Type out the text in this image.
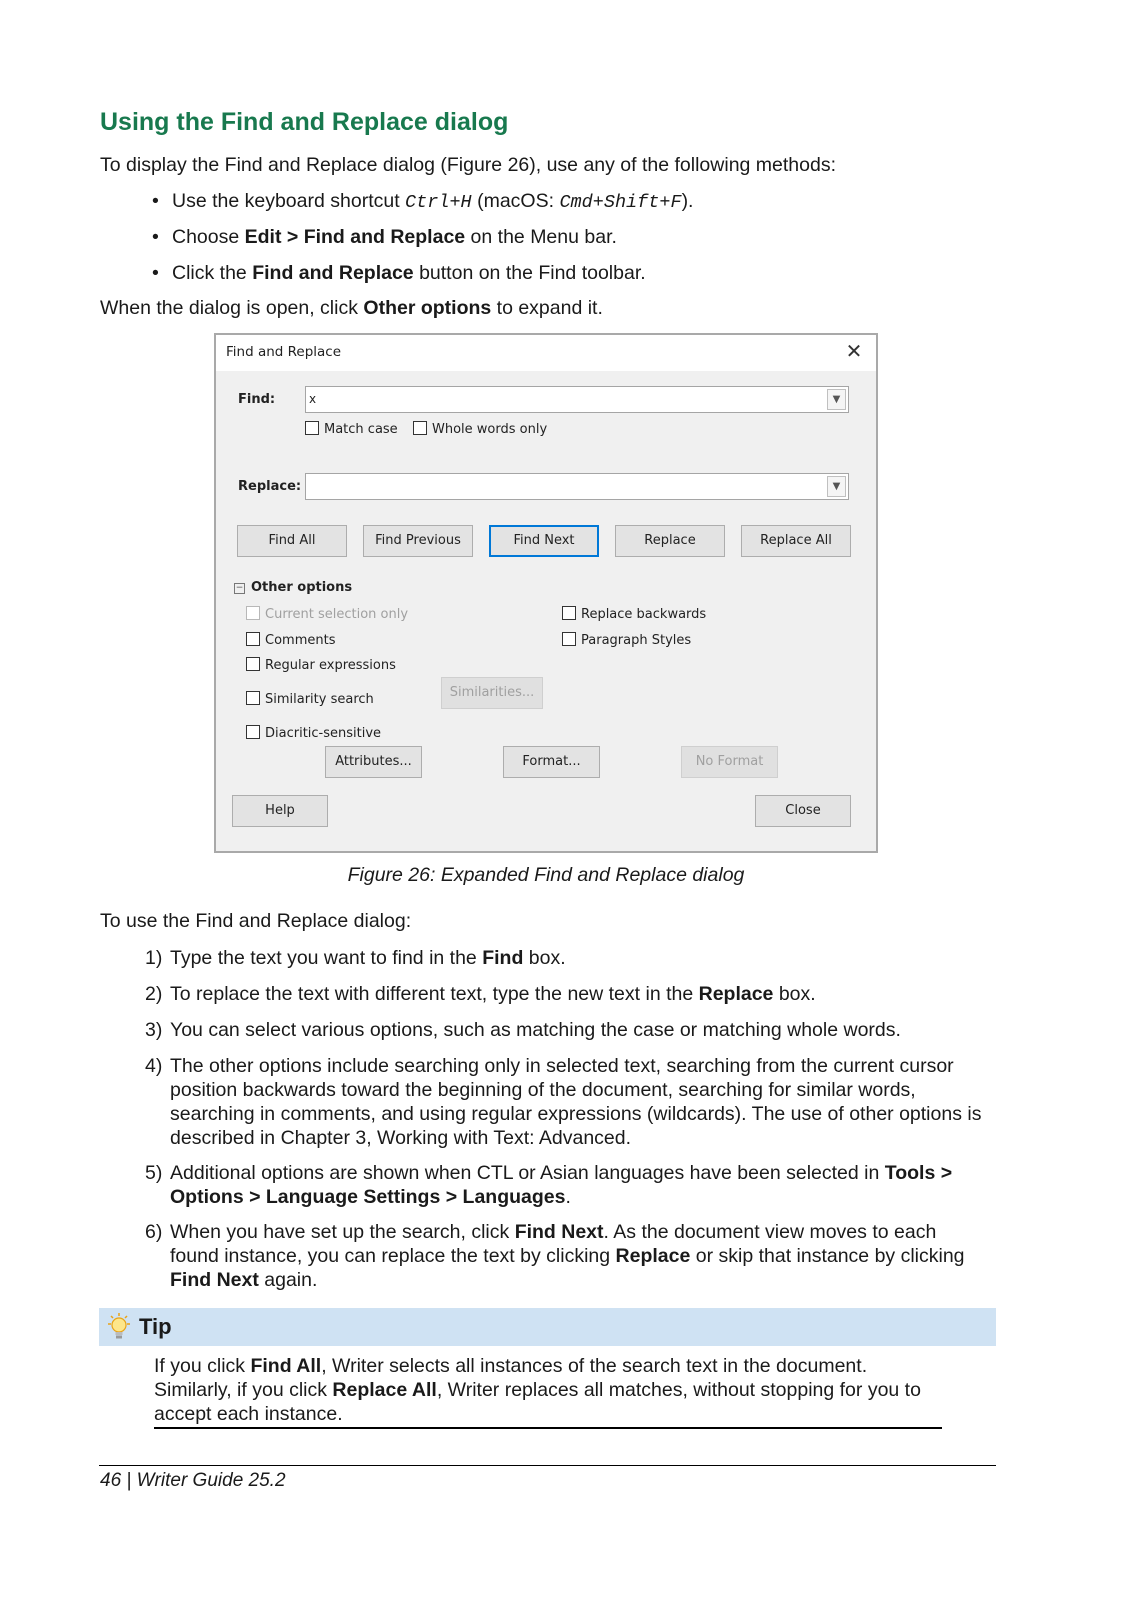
Using the Find and Replace dialog
To display the Find and Replace dialog (Figure 26), use any of the following methods:
• Use the keyboard shortcut Ctrl+H (macOS: Cmd+Shift+F).
• Choose Edit > Find and Replace on the Menu bar.
• Click the Find and Replace button on the Find toolbar.
When the dialog is open, click Other options to expand it.
Find and Replace	✕
Find:	x	▼
Match case	Whole words only
Replace:	▼
Find All	Find Previous	Find Next	Replace	Replace All
− Other options
Current selection only
Comments
Regular expressions
Similarity search
Diacritic-sensitive
Replace backwards
Paragraph Styles
Similarities...
Attributes...	Format...	No Format
Help	Close
Figure 26: Expanded Find and Replace dialog
To use the Find and Replace dialog:
1) Type the text you want to find in the Find box.
2) To replace the text with different text, type the new text in the Replace box.
3) You can select various options, such as matching the case or matching whole words.
4) The other options include searching only in selected text, searching from the current cursor position backwards toward the beginning of the document, searching for similar words, searching in comments, and using regular expressions (wildcards). The use of other options is described in Chapter 3, Working with Text: Advanced.
5) Additional options are shown when CTL or Asian languages have been selected in Tools > Options > Language Settings > Languages.
6) When you have set up the search, click Find Next. As the document view moves to each found instance, you can replace the text by clicking Replace or skip that instance by clicking Find Next again.
Tip
If you click Find All, Writer selects all instances of the search text in the document. Similarly, if you click Replace All, Writer replaces all matches, without stopping for you to accept each instance.
46 | Writer Guide 25.2
